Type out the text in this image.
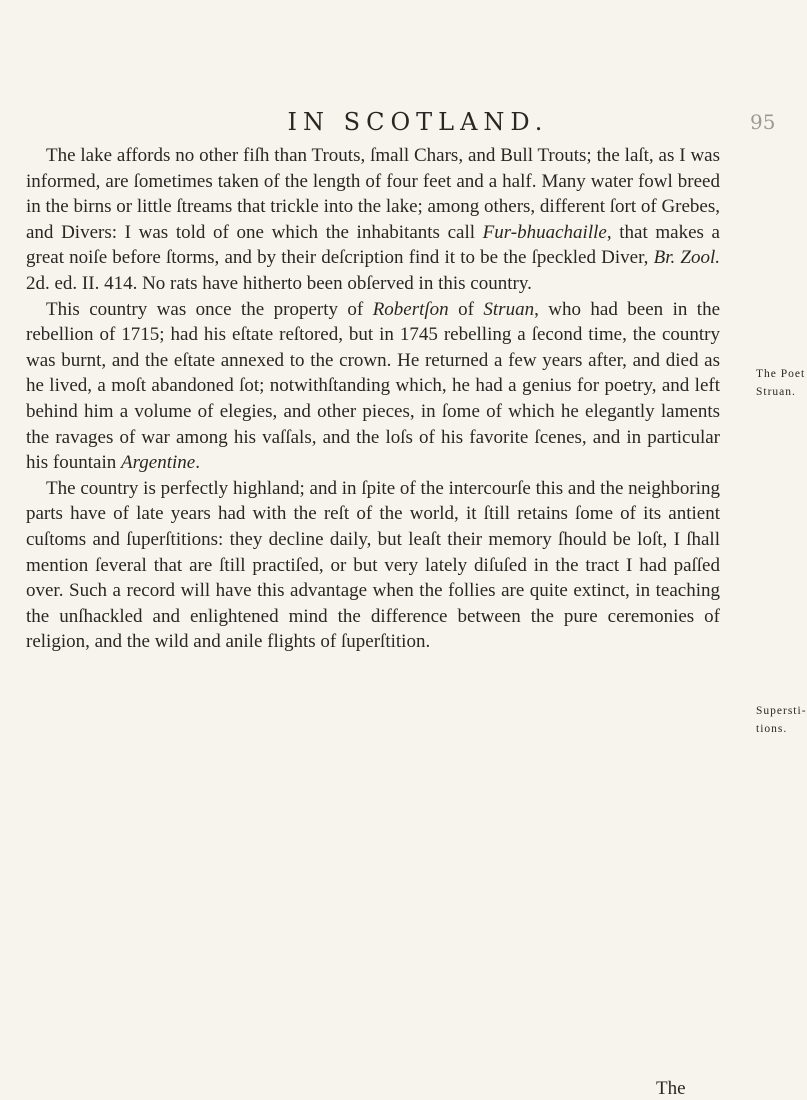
IN SCOTLAND.	95

The lake affords no other fiſh than Trouts, ſmall Chars, and Bull Trouts; the laſt, as I was informed, are ſometimes taken of the length of four feet and a half. Many water fowl breed in the birns or little ſtreams that trickle into the lake; among others, different ſort of Grebes, and Divers: I was told of one which the inhabitants call Fur-bhuachaille, that makes a great noiſe before ſtorms, and by their deſcription find it to be the ſpeckled Diver, Br. Zool. 2d. ed. II. 414. No rats have hitherto been obſerved in this country.

This country was once the property of Robertſon of Struan, who had been in the rebellion of 1715; had his eſtate reſtored, but in 1745 rebelling a ſecond time, the country was burnt, and the eſtate annexed to the crown. He returned a few years after, and died as he lived, a moſt abandoned ſot; notwithſtanding which, he had a genius for poetry, and left behind him a volume of elegies, and other pieces, in ſome of which he elegantly laments the ravages of war among his vaſſals, and the loſs of his favorite ſcenes, and in particular his fountain Argentine.

The country is perfectly highland; and in ſpite of the intercourſe this and the neighboring parts have of late years had with the reſt of the world, it ſtill retains ſome of its antient cuſtoms and ſuperſtitions: they decline daily, but leaſt their memory ſhould be loſt, I ſhall mention ſeveral that are ſtill practiſed, or but very lately diſuſed in the tract I had paſſed over. Such a record will have this advantage when the follies are quite extinct, in teaching the unſhackled and enlightened mind the difference between the pure ceremonies of religion, and the wild and anile flights of ſuperſtition.

The Poet
Struan.
Supersti-
tions.
The
